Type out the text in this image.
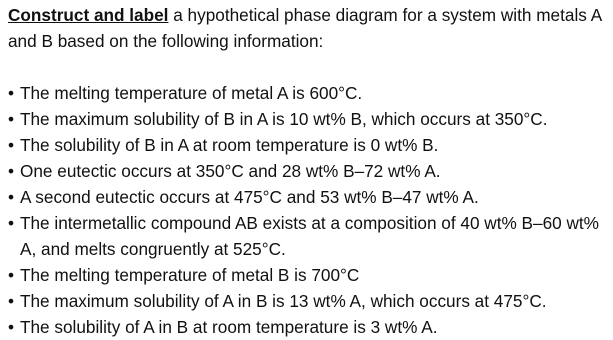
Construct and label a hypothetical phase diagram for a system with metals A and B based on the following information:

• The melting temperature of metal A is 600°C.
• The maximum solubility of B in A is 10 wt% B, which occurs at 350°C.
• The solubility of B in A at room temperature is 0 wt% B.
• One eutectic occurs at 350°C and 28 wt% B–72 wt% A.
• A second eutectic occurs at 475°C and 53 wt% B–47 wt% A.
• The intermetallic compound AB exists at a composition of 40 wt% B–60 wt% A, and melts congruently at 525°C.
• The melting temperature of metal B is 700°C
• The maximum solubility of A in B is 13 wt% A, which occurs at 475°C.
• The solubility of A in B at room temperature is 3 wt% A.
